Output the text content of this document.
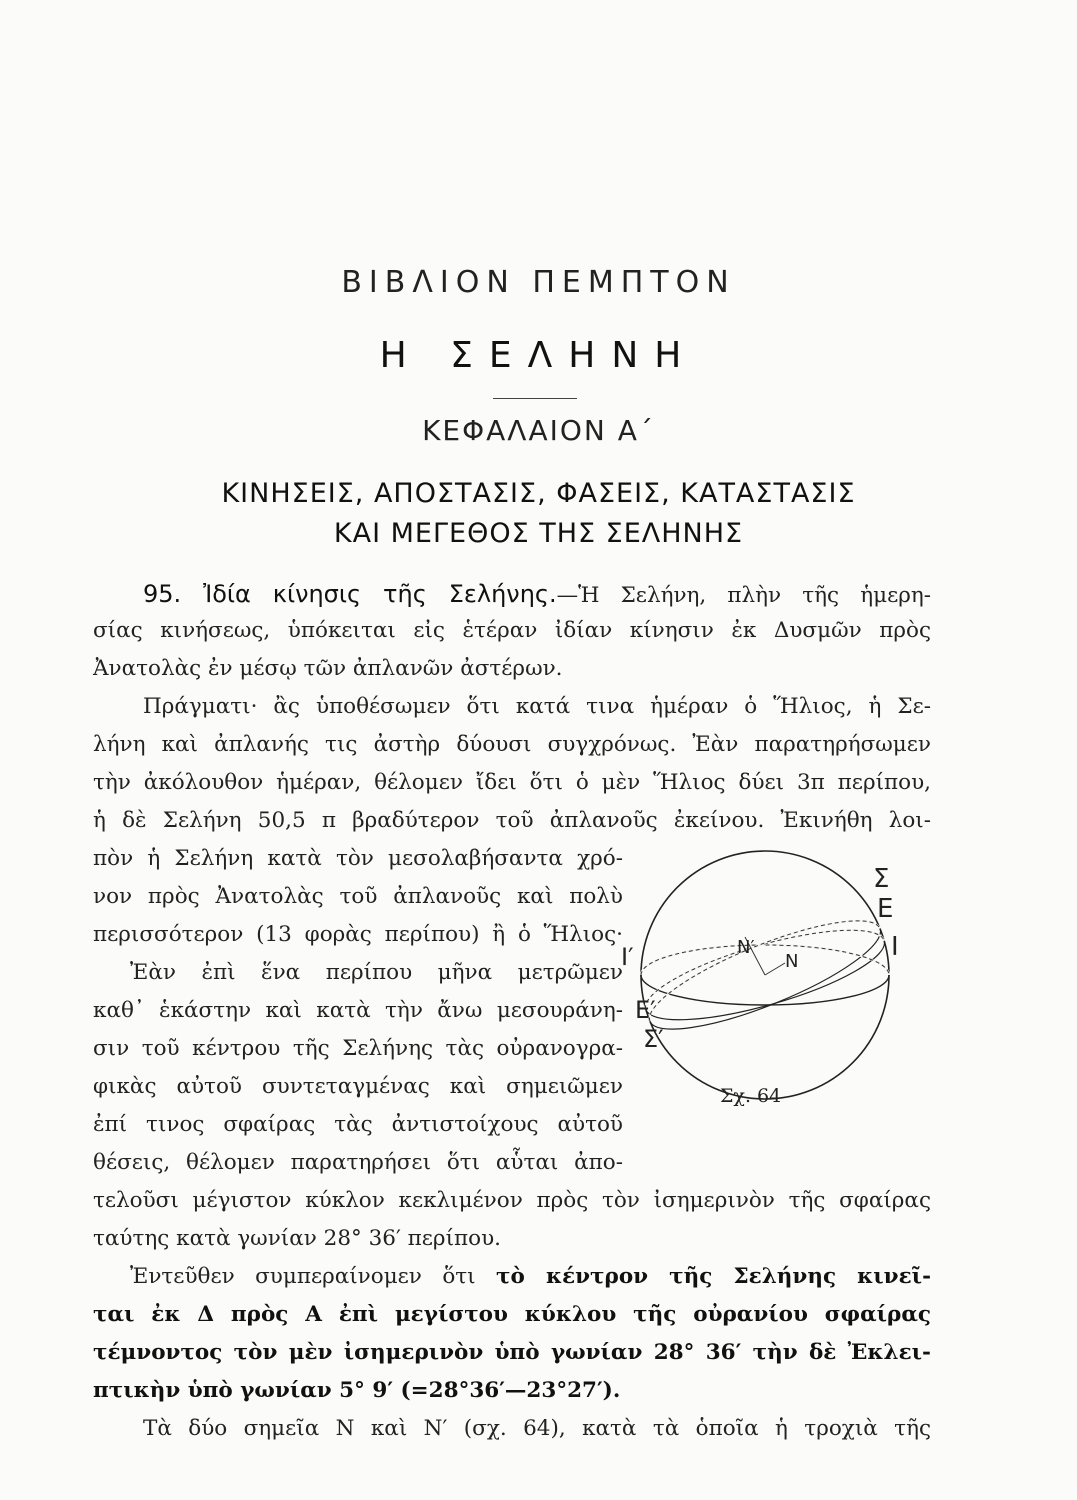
ΒΙΒΛΙΟΝ ΠΕΜΠΤΟΝ
Η ΣΕΛΗΝΗ
ΚΕΦΑΛΑΙΟΝ Α΄
ΚΙΝΗΣΕΙΣ, ΑΠΟΣΤΑΣΙΣ, ΦΑΣΕΙΣ, ΚΑΤΑΣΤΑΣΙΣ
ΚΑΙ ΜΕΓΕΘΟΣ ΤΗΣ ΣΕΛΗΝΗΣ
95. Ἰδία κίνησις τῆς Σελήνης.—Ἡ Σελήνη, πλὴν τῆς ἡμερη-
σίας κινήσεως, ὑπόκειται εἰς ἑτέραν ἰδίαν κίνησιν ἐκ Δυσμῶν πρὸς
Ἀνατολὰς ἐν μέσῳ τῶν ἀπλανῶν ἀστέρων.
Πράγματι· ἂς ὑποθέσωμεν ὅτι κατά τινα ἡμέραν ὁ Ἥλιος, ἡ Σε-
λήνη καὶ ἀπλανής τις ἀστὴρ δύουσι συγχρόνως. Ἐὰν παρατηρήσωμεν
τὴν ἀκόλουθον ἡμέραν, θέλομεν ἴδει ὅτι ὁ μὲν Ἥλιος δύει 3π περίπου,
ἡ δὲ Σελήνη 50,5 π βραδύτερον τοῦ ἀπλανοῦς ἐκείνου. Ἐκινήθη λοι-
πὸν ἡ Σελήνη κατὰ τὸν μεσολαβήσαντα χρό-
νον πρὸς Ἀνατολὰς τοῦ ἀπλανοῦς καὶ πολὺ
περισσότερον (13 φορὰς περίπου) ἢ ὁ Ἥλιος·
Ἐὰν ἐπὶ ἕνα περίπου μῆνα μετρῶμεν
καθ᾽ ἑκάστην καὶ κατὰ τὴν ἄνω μεσουράνη-
σιν τοῦ κέντρου τῆς Σελήνης τὰς οὐρανογρα-
φικὰς αὐτοῦ συντεταγμένας καὶ σημειῶμεν
ἐπί τινος σφαίρας τὰς ἀντιστοίχους αὐτοῦ
θέσεις, θέλομεν παρατηρήσει ὅτι αὗται ἀπο-
τελοῦσι μέγιστον κύκλον κεκλιμένον πρὸς τὸν ἰσημερινὸν τῆς σφαίρας
ταύτης κατὰ γωνίαν 28° 36′ περίπου.
Ἐντεῦθεν συμπεραίνομεν ὅτι τὸ κέντρον τῆς Σελήνης κινεῖ-
ται ἐκ Δ πρὸς Α ἐπὶ μεγίστου κύκλου τῆς οὐρανίου σφαίρας
τέμνοντος τὸν μὲν ἰσημερινὸν ὑπὸ γωνίαν 28° 36′ τὴν δὲ Ἐκλει-
πτικὴν ὑπὸ γωνίαν 5° 9′ (=28°36′—23°27′).
Τὰ δύο σημεῖα Ν καὶ Ν′ (σχ. 64), κατὰ τὰ ὁποῖα ἡ τροχιὰ τῆς
Σ
Ε
Ι
Ι′
Ε′
Σ′
Ν′
Ν
Σχ. 64
